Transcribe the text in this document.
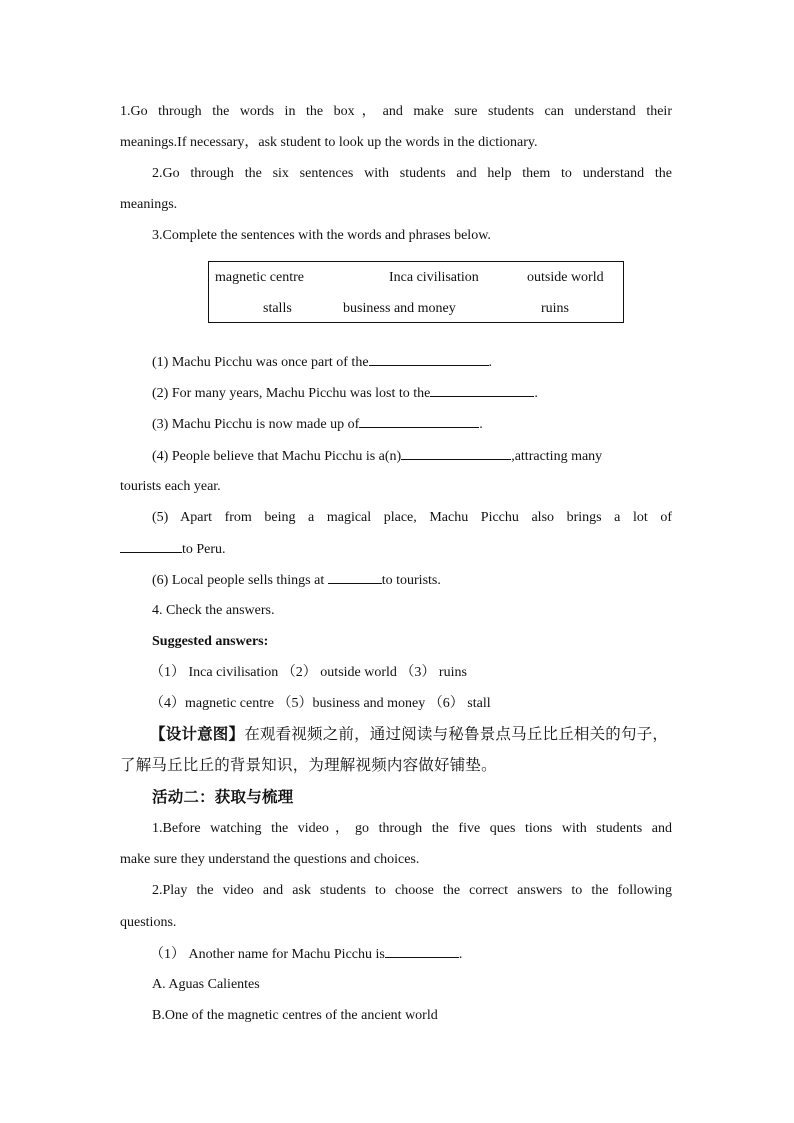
1.Go through the words in the box，and make sure students can understand their
meanings.If necessary，ask student to look up the words in the dictionary.
2.Go through the six sentences with students and help them to understand the
meanings.
3.Complete the sentences with the words and phrases below.
magnetic centre	Inca civilisation	outside world
stalls	business and money	ruins
(1) Machu Picchu was once part of the	.
(2) For many years, Machu Picchu was lost to the	.
(3) Machu Picchu is now made up of	.
(4) People believe that Machu Picchu is a(n)	,attracting many
tourists each year.
(5) Apart from being a magical place, Machu Picchu also brings a lot of
to Peru.
(6) Local people sells things at	to tourists.
4. Check the answers.
Suggested answers:
（1） Inca civilisation （2） outside world （3） ruins
（4）magnetic centre （5）business and money （6） stall
【设计意图】在观看视频之前，通过阅读与秘鲁景点马丘比丘相关的句子，
了解马丘比丘的背景知识，为理解视频内容做好铺垫。
活动二：获取与梳理
1.Before watching the video，go through the five ques tions with students and
make sure they understand the questions and choices.
2.Play the video and ask students to choose the correct answers to the following
questions.
（1） Another name for Machu Picchu is	.
A. Aguas Calientes
B.One of the magnetic centres of the ancient world
